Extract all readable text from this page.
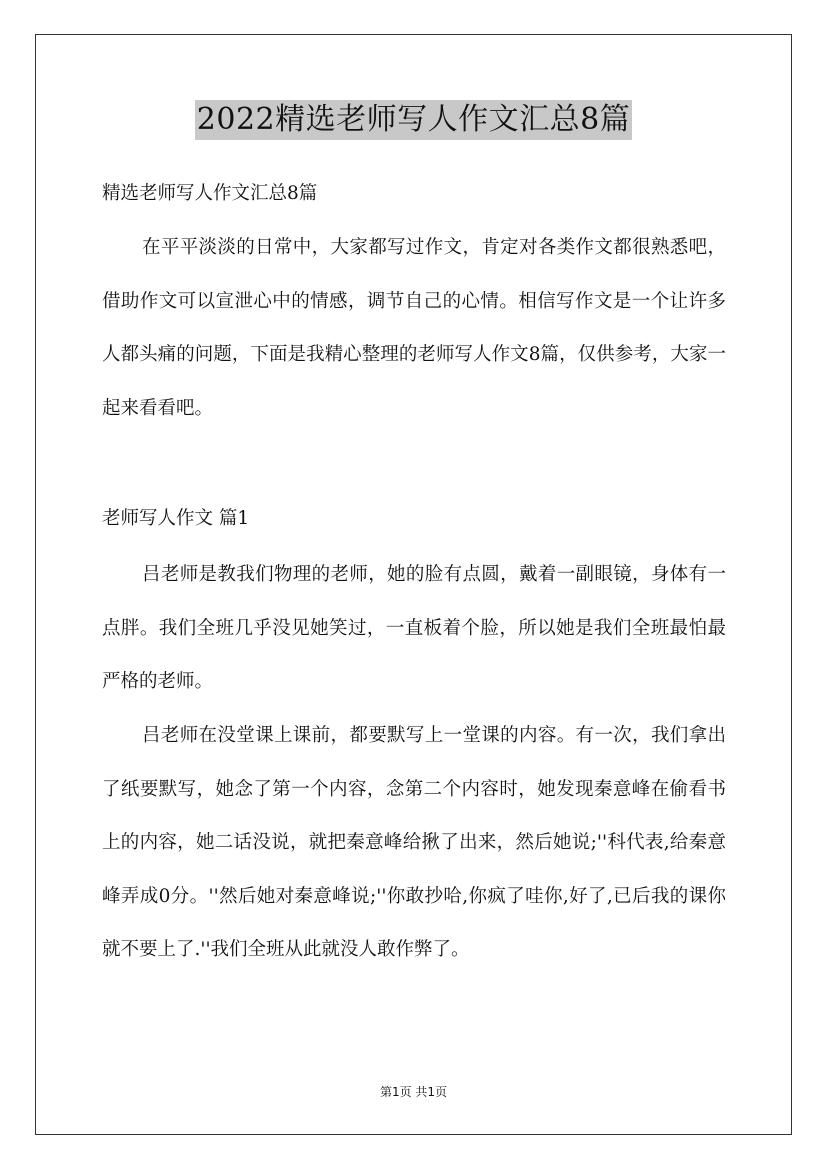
2022精选老师写人作文汇总8篇

精选老师写人作文汇总8篇

在平平淡淡的日常中，大家都写过作文，肯定对各类作文都很熟悉吧，借助作文可以宣泄心中的情感，调节自己的心情。相信写作文是一个让许多人都头痛的问题，下面是我精心整理的老师写人作文8篇，仅供参考，大家一起来看看吧。

老师写人作文 篇1

吕老师是教我们物理的老师，她的脸有点圆，戴着一副眼镜，身体有一点胖。我们全班几乎没见她笑过，一直板着个脸，所以她是我们全班最怕最严格的老师。

吕老师在没堂课上课前，都要默写上一堂课的内容。有一次，我们拿出了纸要默写，她念了第一个内容，念第二个内容时，她发现秦意峰在偷看书上的内容，她二话没说，就把秦意峰给揪了出来，然后她说;''科代表,给秦意峰弄成0分。''然后她对秦意峰说;''你敢抄哈,你疯了哇你,好了,已后我的课你就不要上了.''我们全班从此就没人敢作弊了。

第1页 共1页
